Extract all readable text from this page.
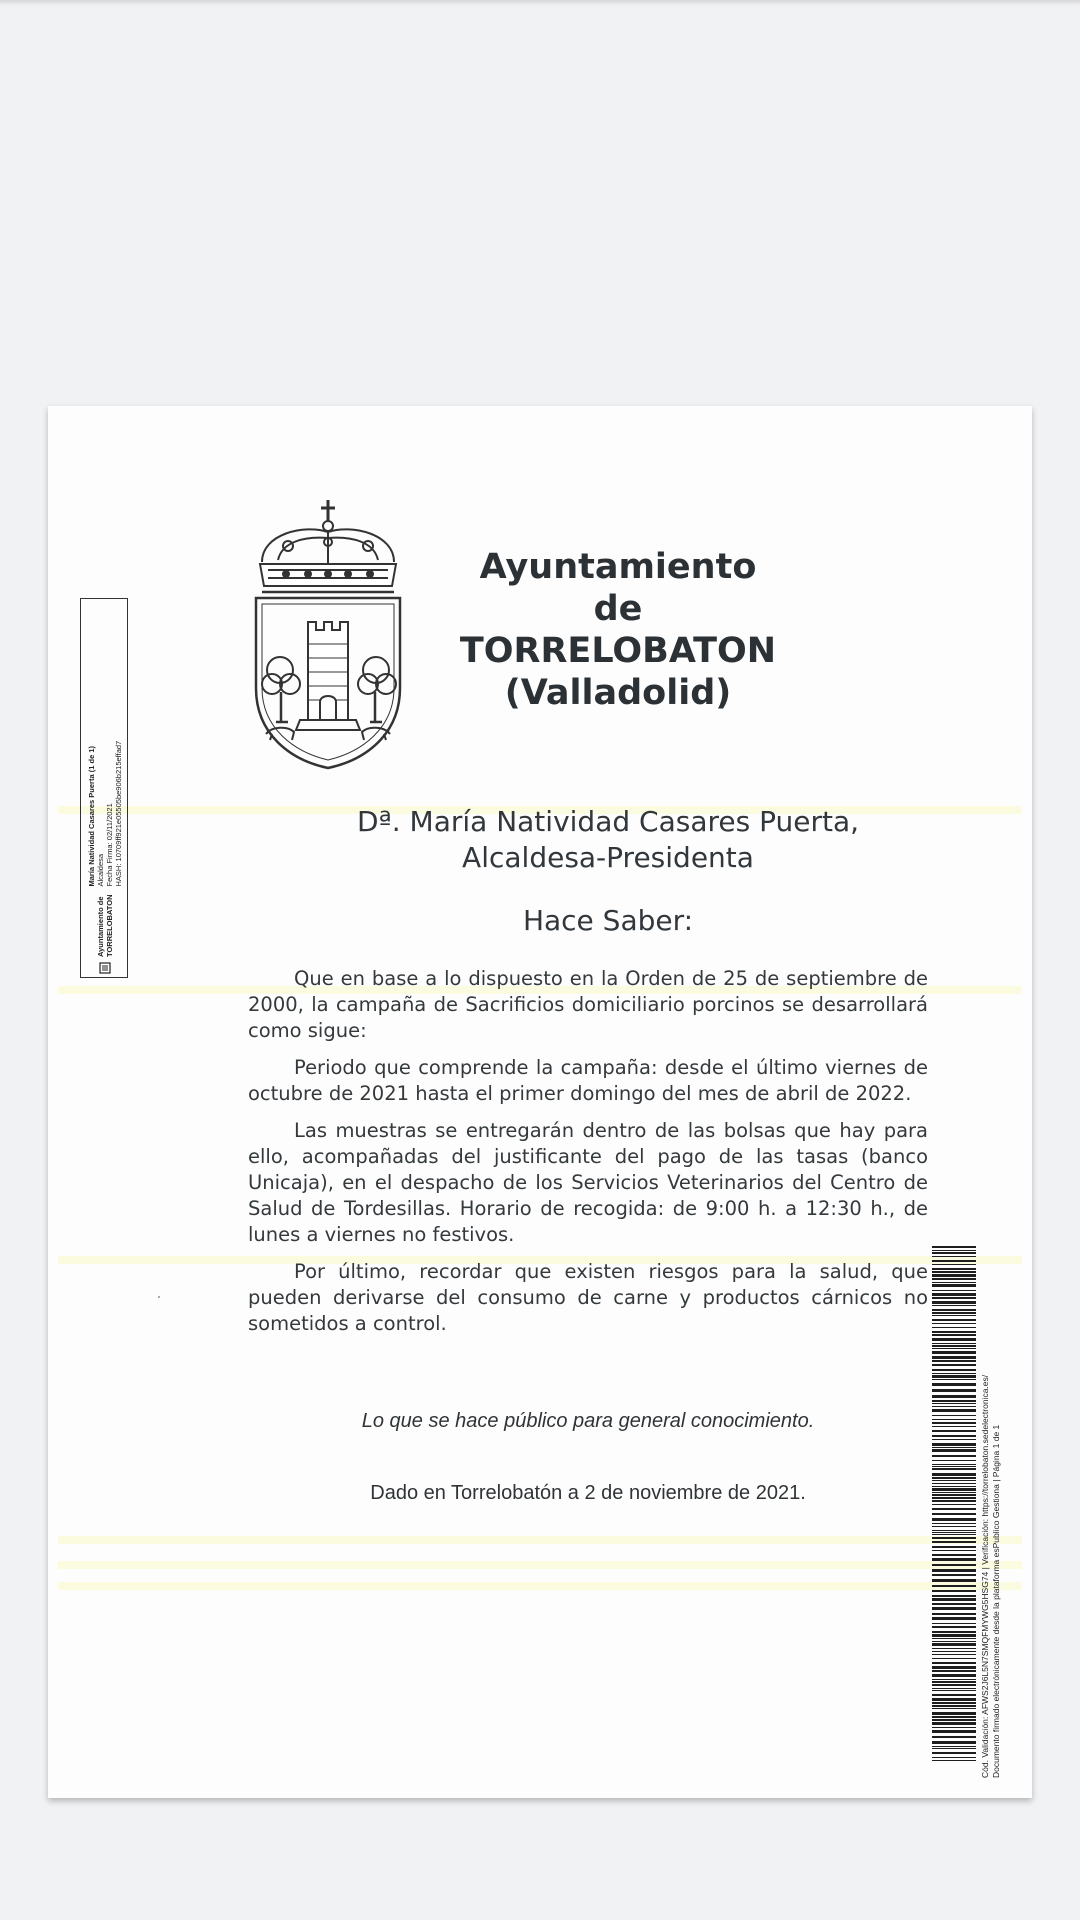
Ayuntamiento
de
TORRELOBATON
(Valladolid)
Dª. María Natividad Casares Puerta,
Alcaldesa-Presidenta
Hace Saber:

Que en base a lo dispuesto en la Orden de 25 de septiembre de 2000, la campaña de Sacrificios domiciliario porcinos se desarrollará como sigue:

Periodo que comprende la campaña: desde el último viernes de octubre de 2021 hasta el primer domingo del mes de abril de 2022.

Las muestras se entregarán dentro de las bolsas que hay para ello, acompañadas del justificante del pago de las tasas (banco Unicaja), en el despacho de los Servicios Veterinarios del Centro de Salud de Tordesillas. Horario de recogida: de 9:00 h. a 12:30 h., de lunes a viernes no festivos.

Por último, recordar que existen riesgos para la salud, que pueden derivarse del consumo de carne y productos cárnicos no sometidos a control.

Lo que se hace público para general conocimiento.
Dado en Torrelobatón a 2 de noviembre de 2021.
Ayuntamiento de TORRELOBATON
María Natividad Casares Puerta (1 de 1) Alcaldesa Fecha Firma: 02/11/2021 HASH: 10709ff921e05505be906b215effad7
Cód. Validación: AFWS2J6L5N7SMQFMYWG5HSG74 | Verificación: https://torrelobaton.sedelectronica.es/ Documento firmado electrónicamente desde la plataforma esPublico Gestiona | Página 1 de 1
